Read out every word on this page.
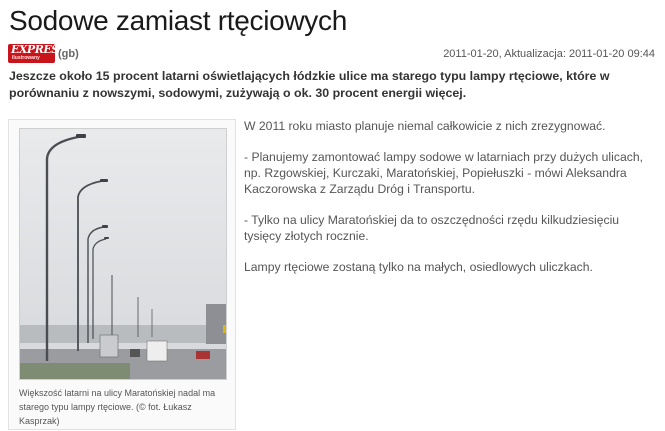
Sodowe zamiast rtęciowych
EXPRESS
Ilustrowany (gb)	2011-01-20, Aktualizacja: 2011-01-20 09:44
Jeszcze około 15 procent latarni oświetlających łódzkie ulice ma starego typu lampy rtęciowe, które w porównaniu z nowszymi, sodowymi, zużywają o ok. 30 procent energii więcej.
Większość latarni na ulicy Maratońskiej nadal ma starego typu lampy rtęciowe. (© fot. Łukasz Kasprzak)

W 2011 roku miasto planuje niemal całkowicie z nich zrezygnować.

- Planujemy zamontować lampy sodowe w latarniach przy dużych ulicach, np. Rzgowskiej, Kurczaki, Maratońskiej, Popiełuszki - mówi Aleksandra Kaczorowska z Zarządu Dróg i Transportu.

- Tylko na ulicy Maratońskiej da to oszczędności rzędu kilkudziesięciu tysięcy złotych rocznie.

Lampy rtęciowe zostaną tylko na małych, osiedlowych uliczkach.
